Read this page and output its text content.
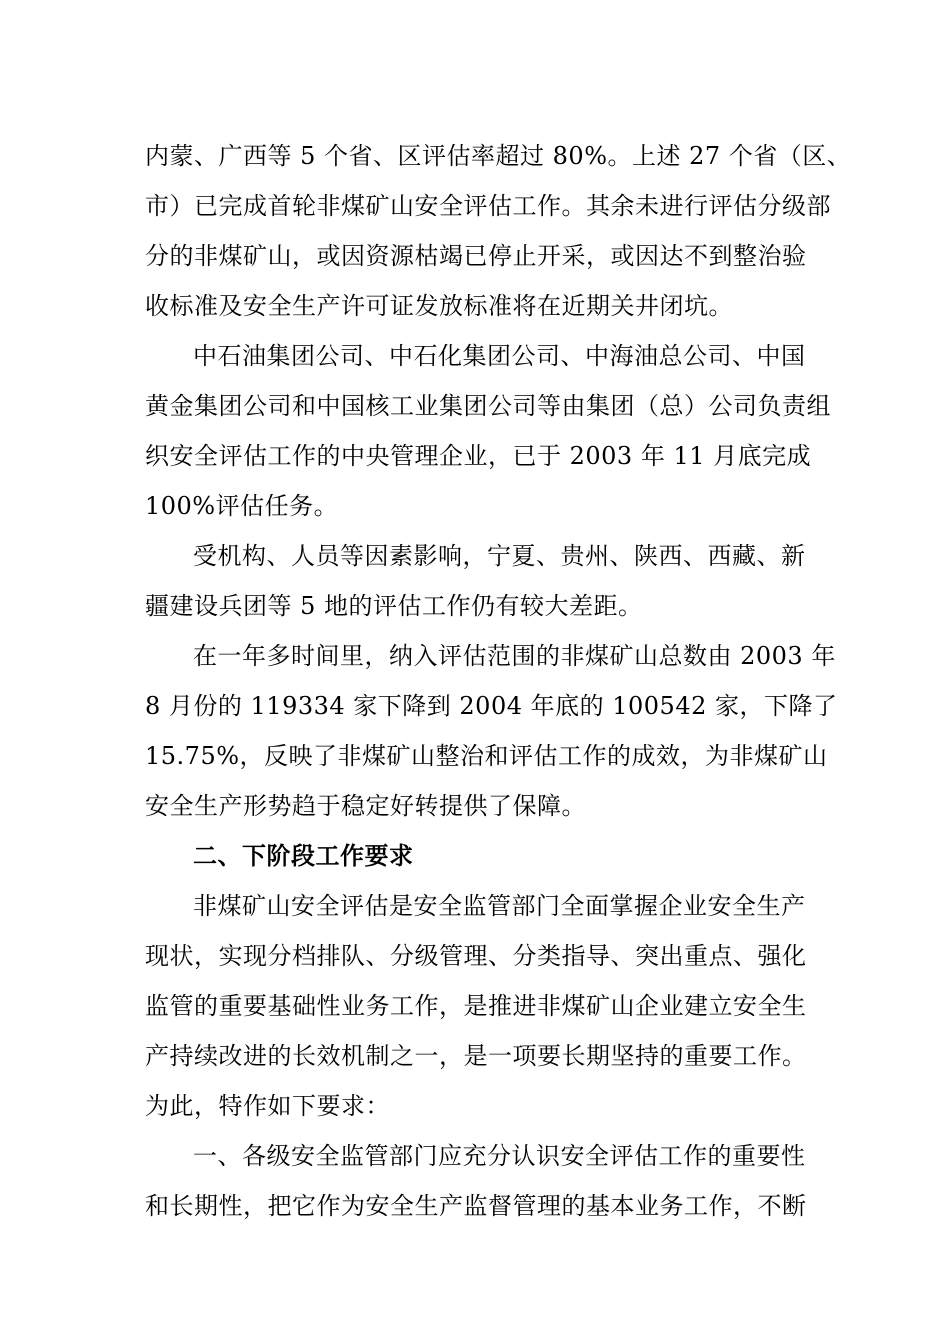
内蒙、广西等 5 个省、区评估率超过 80%。上述 27 个省（区、
市）已完成首轮非煤矿山安全评估工作。其余未进行评估分级部
分的非煤矿山，或因资源枯竭已停止开采，或因达不到整治验
收标准及安全生产许可证发放标准将在近期关井闭坑。
中石油集团公司、中石化集团公司、中海油总公司、中国
黄金集团公司和中国核工业集团公司等由集团（总）公司负责组
织安全评估工作的中央管理企业，已于 2003 年 11 月底完成
100%评估任务。
受机构、人员等因素影响，宁夏、贵州、陕西、西藏、新
疆建设兵团等 5 地的评估工作仍有较大差距。
在一年多时间里，纳入评估范围的非煤矿山总数由 2003 年
8 月份的 119334 家下降到 2004 年底的 100542 家，下降了
15.75%，反映了非煤矿山整治和评估工作的成效，为非煤矿山
安全生产形势趋于稳定好转提供了保障。
二、下阶段工作要求
非煤矿山安全评估是安全监管部门全面掌握企业安全生产
现状，实现分档排队、分级管理、分类指导、突出重点、强化
监管的重要基础性业务工作，是推进非煤矿山企业建立安全生
产持续改进的长效机制之一，是一项要长期坚持的重要工作。
为此，特作如下要求：
一、各级安全监管部门应充分认识安全评估工作的重要性
和长期性，把它作为安全生产监督管理的基本业务工作，不断
